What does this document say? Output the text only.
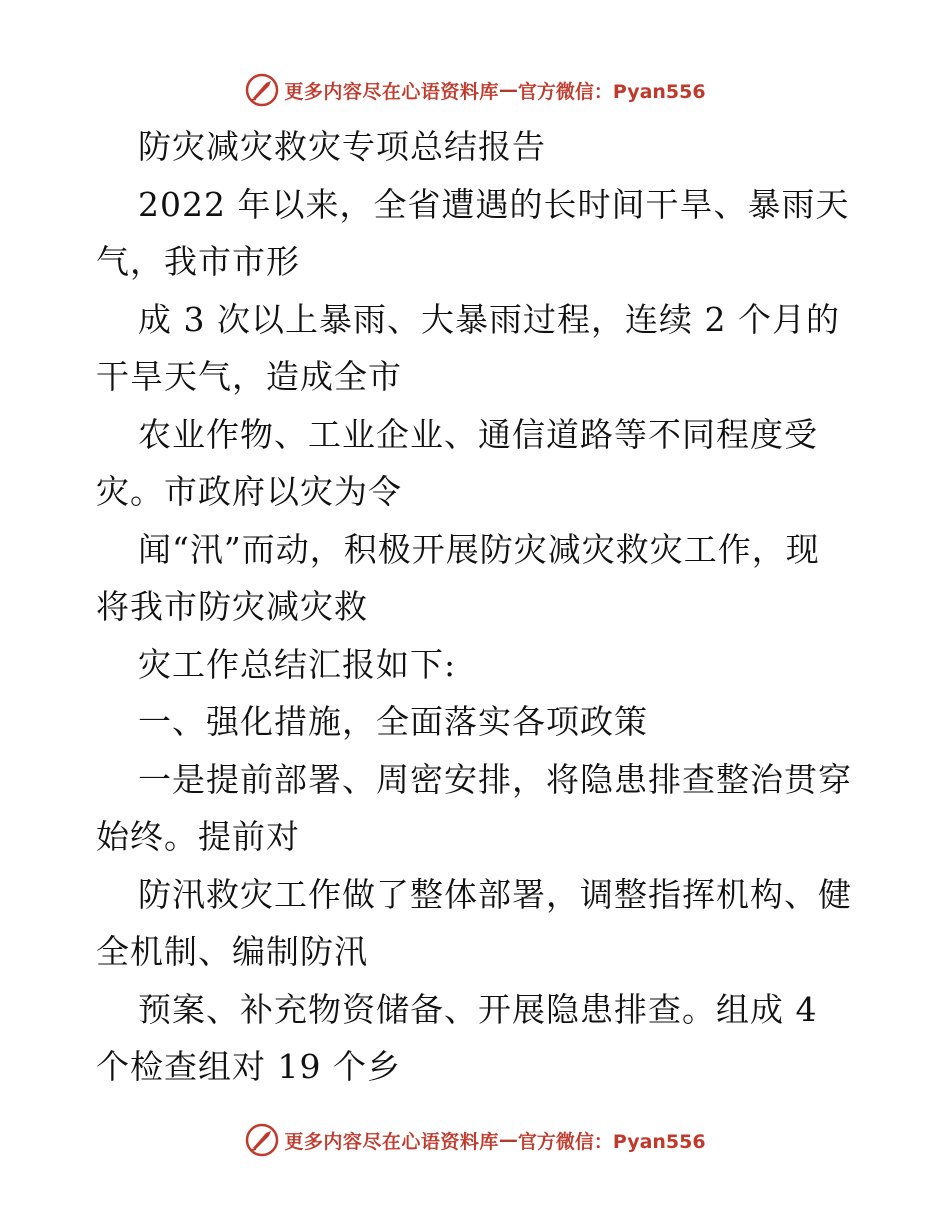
更多内容尽在心语资料库 — 官方微信：Pyan556
防灾减灾救灾专项总结报告
2022 年以来，全省遭遇的长时间干旱、暴雨天
气，我市市形
成 3 次以上暴雨、大暴雨过程，连续 2 个月的
干旱天气，造成全市
农业作物、工业企业、通信道路等不同程度受
灾。市政府以灾为令
闻“汛”而动，积极开展防灾减灾救灾工作，现
将我市防灾减灾救
灾工作总结汇报如下:
一、强化措施，全面落实各项政策
一是提前部署、周密安排，将隐患排查整治贯穿
始终。提前对
防汛救灾工作做了整体部署，调整指挥机构、健
全机制、编制防汛
预案、补充物资储备、开展隐患排查。组成 4
个检查组对 19 个乡
更多内容尽在心语资料库 — 官方微信：Pyan556
